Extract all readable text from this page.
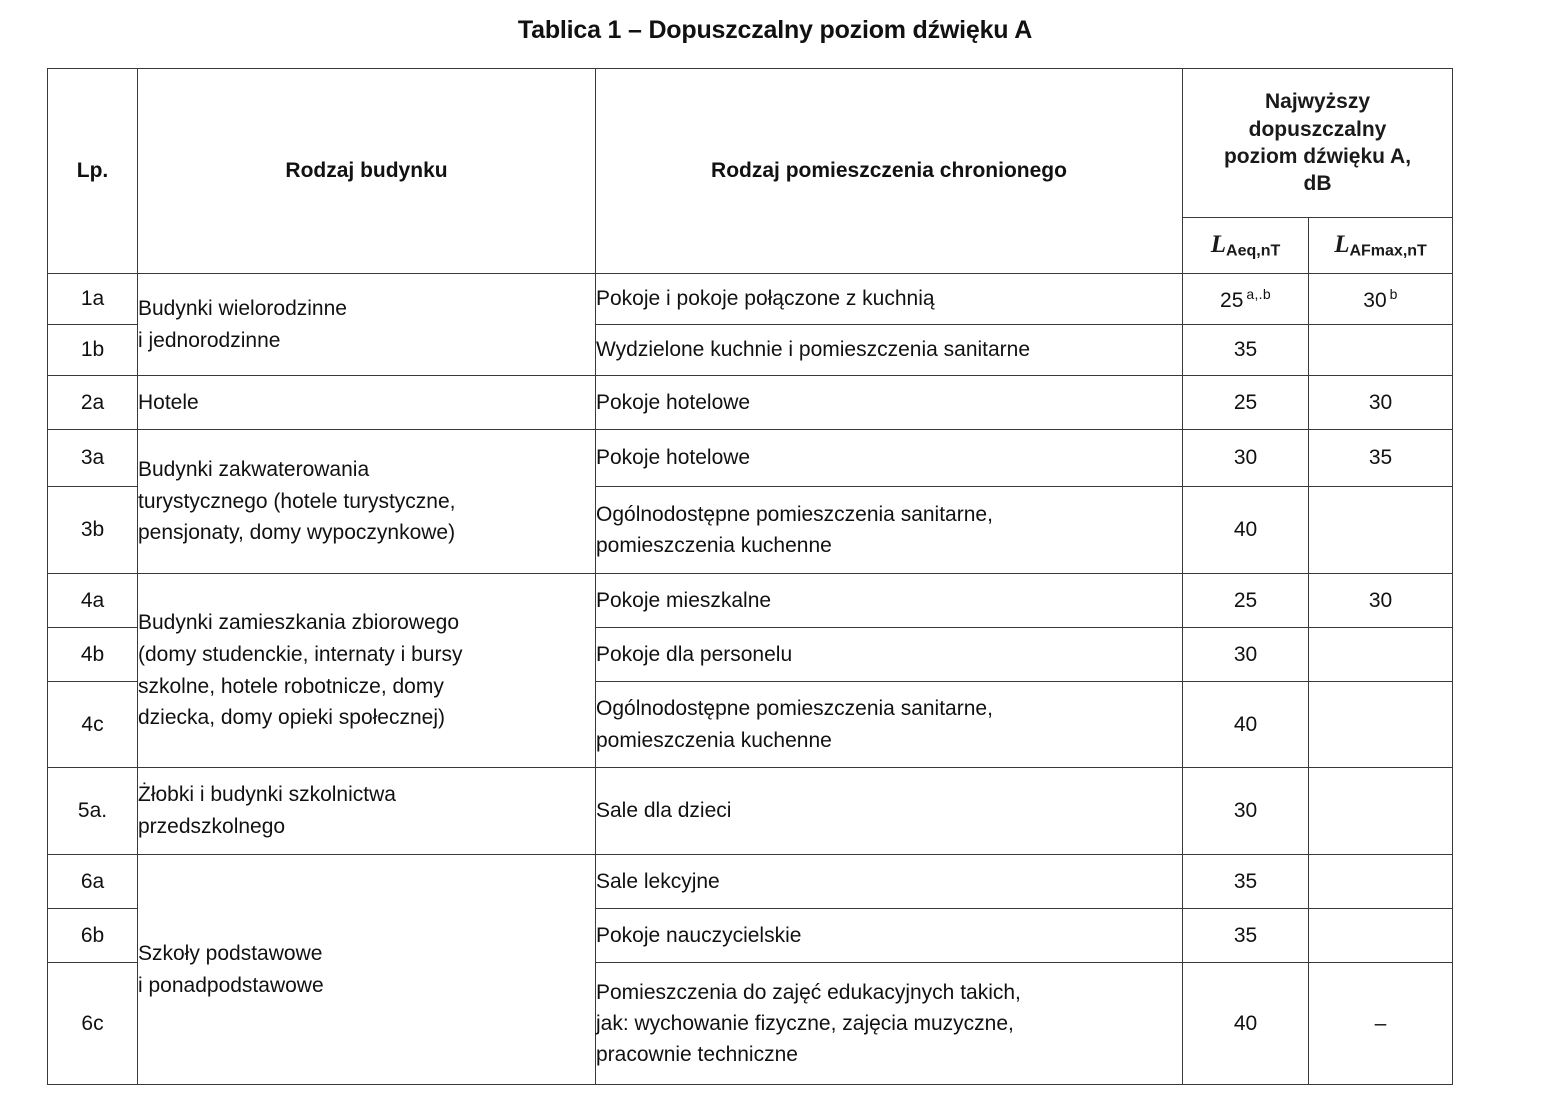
Tablica 1 – Dopuszczalny poziom dźwięku A
Lp.	Rodzaj budynku	Rodzaj pomieszczenia chronionego	Najwyższy
dopuszczalny
poziom dźwięku A,
dB	

			LAeq,nT	LAFmax,nT
1a	Budynki wielorodzinne
i jednorodzinne	Pokoje i pokoje połączone z kuchnią	25 $^{a,.b}$	30 $^b$
1b		Wydzielone kuchnie i pomieszczenia sanitarne	35	
2a	Hotele	Pokoje hotelowe	25	30
3a	Budynki zakwaterowania
turystycznego (hotele turystyczne,
pensjonaty, domy wypoczynkowe)	Pokoje hotelowe	30	35
3b		Ogólnodostępne pomieszczenia sanitarne,
pomieszczenia kuchenne	40	
4a	Budynki zamieszkania zbiorowego
(domy studenckie, internaty i bursy
szkolne, hotele robotnicze, domy
dziecka, domy opieki społecznej)	Pokoje mieszkalne	25	30
4b		Pokoje dla personelu	30	
4c		Ogólnodostępne pomieszczenia sanitarne,
pomieszczenia kuchenne	40	
5a.	Żłobki i budynki szkolnictwa
przedszkolnego	Sale dla dzieci	30	
6a	Szkoły podstawowe
i ponadpodstawowe	Sale lekcyjne	35	
6b		Pokoje nauczycielskie	35	
6c		Pomieszczenia do zajęć edukacyjnych takich,
jak: wychowanie fizyczne, zajęcia muzyczne,
pracownie techniczne	40	–
